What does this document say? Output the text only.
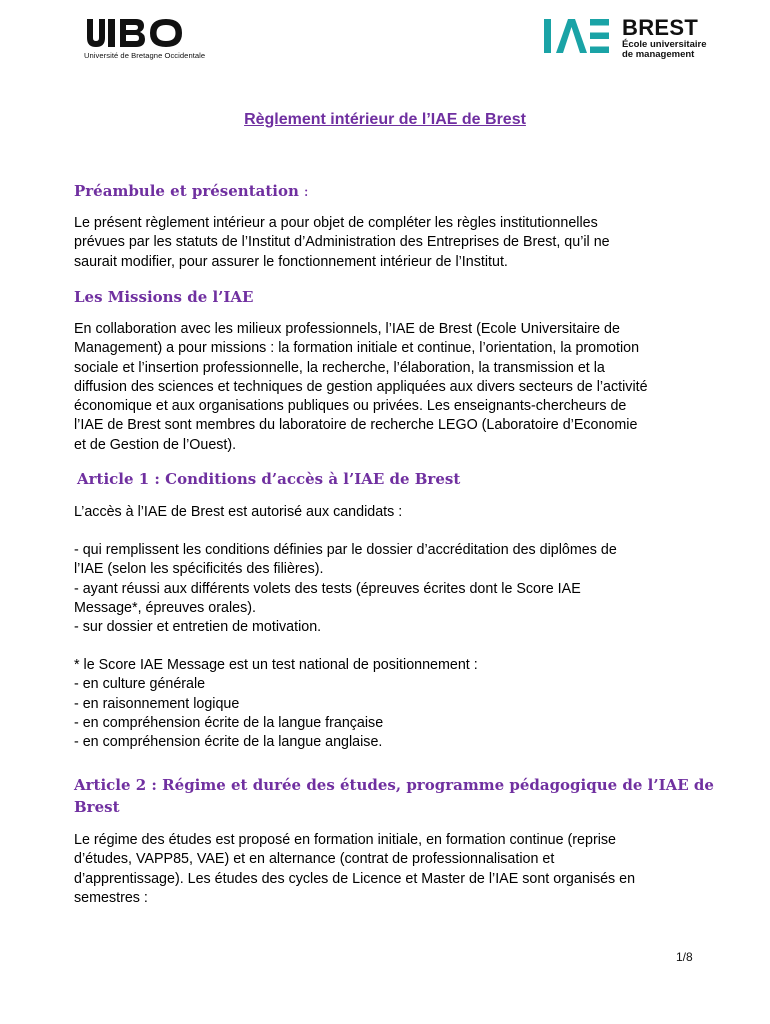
Université de Bretagne Occidentale
BREST
École universitaire
de management
Règlement intérieur de l’IAE de Brest
Préambule et présentation :
Le présent règlement intérieur a pour objet de compléter les règles institutionnelles
prévues par les statuts de l’Institut d’Administration des Entreprises de Brest, qu’il ne
saurait modifier, pour assurer le fonctionnement intérieur de l’Institut.
Les Missions de l’IAE
En collaboration avec les milieux professionnels, l’IAE de Brest (Ecole Universitaire de
Management) a pour missions : la formation initiale et continue, l’orientation, la promotion
sociale et l’insertion professionnelle, la recherche, l’élaboration, la transmission et la
diffusion des sciences et techniques de gestion appliquées aux divers secteurs de l’activité
économique et aux organisations publiques ou privées. Les enseignants-chercheurs de
l’IAE de Brest sont membres du laboratoire de recherche LEGO (Laboratoire d’Economie
et de Gestion de l’Ouest).
Article 1 : Conditions d’accès à l’IAE de Brest
L’accès à l’IAE de Brest est autorisé aux candidats :
- qui remplissent les conditions définies par le dossier d’accréditation des diplômes de
l’IAE (selon les spécificités des filières).
- ayant réussi aux différents volets des tests (épreuves écrites dont le Score IAE
Message*, épreuves orales).
- sur dossier et entretien de motivation.
* le Score IAE Message est un test national de positionnement :
- en culture générale
- en raisonnement logique
- en compréhension écrite de la langue française
- en compréhension écrite de la langue anglaise.
Article 2 : Régime et durée des études, programme pédagogique de l’IAE de
Brest
Le régime des études est proposé en formation initiale, en formation continue (reprise
d’études, VAPP85, VAE) et en alternance (contrat de professionnalisation et
d’apprentissage). Les études des cycles de Licence et Master de l’IAE sont organisés en
semestres :
1/8
